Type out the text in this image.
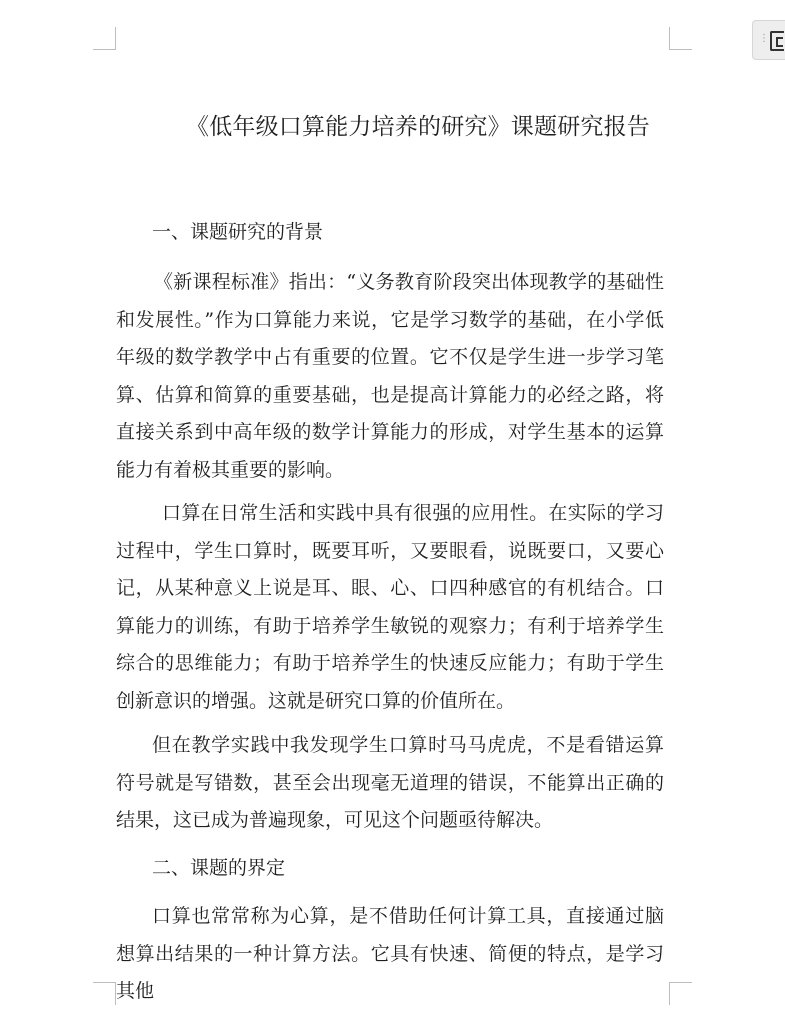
⋮
《低年级口算能力培养的研究》课题研究报告
一、课题研究的背景

《新课程标准》指出：“义务教育阶段突出体现教学的基础性和发展性。”作为口算能力来说，它是学习数学的基础，在小学低年级的数学教学中占有重要的位置。它不仅是学生进一步学习笔算、估算和简算的重要基础，也是提高计算能力的必经之路，将直接关系到中高年级的数学计算能力的形成，对学生基本的运算能力有着极其重要的影响。

口算在日常生活和实践中具有很强的应用性。在实际的学习过程中，学生口算时，既要耳听，又要眼看，说既要口，又要心记，从某种意义上说是耳、眼、心、口四种感官的有机结合。口算能力的训练，有助于培养学生敏锐的观察力；有利于培养学生综合的思维能力；有助于培养学生的快速反应能力；有助于学生创新意识的增强。这就是研究口算的价值所在。

但在教学实践中我发现学生口算时马马虎虎，不是看错运算符号就是写错数，甚至会出现毫无道理的错误，不能算出正确的结果，这已成为普遍现象，可见这个问题亟待解决。

二、课题的界定

口算也常常称为心算，是不借助任何计算工具，直接通过脑想算出结果的一种计算方法。它具有快速、简便的特点，是学习其他
